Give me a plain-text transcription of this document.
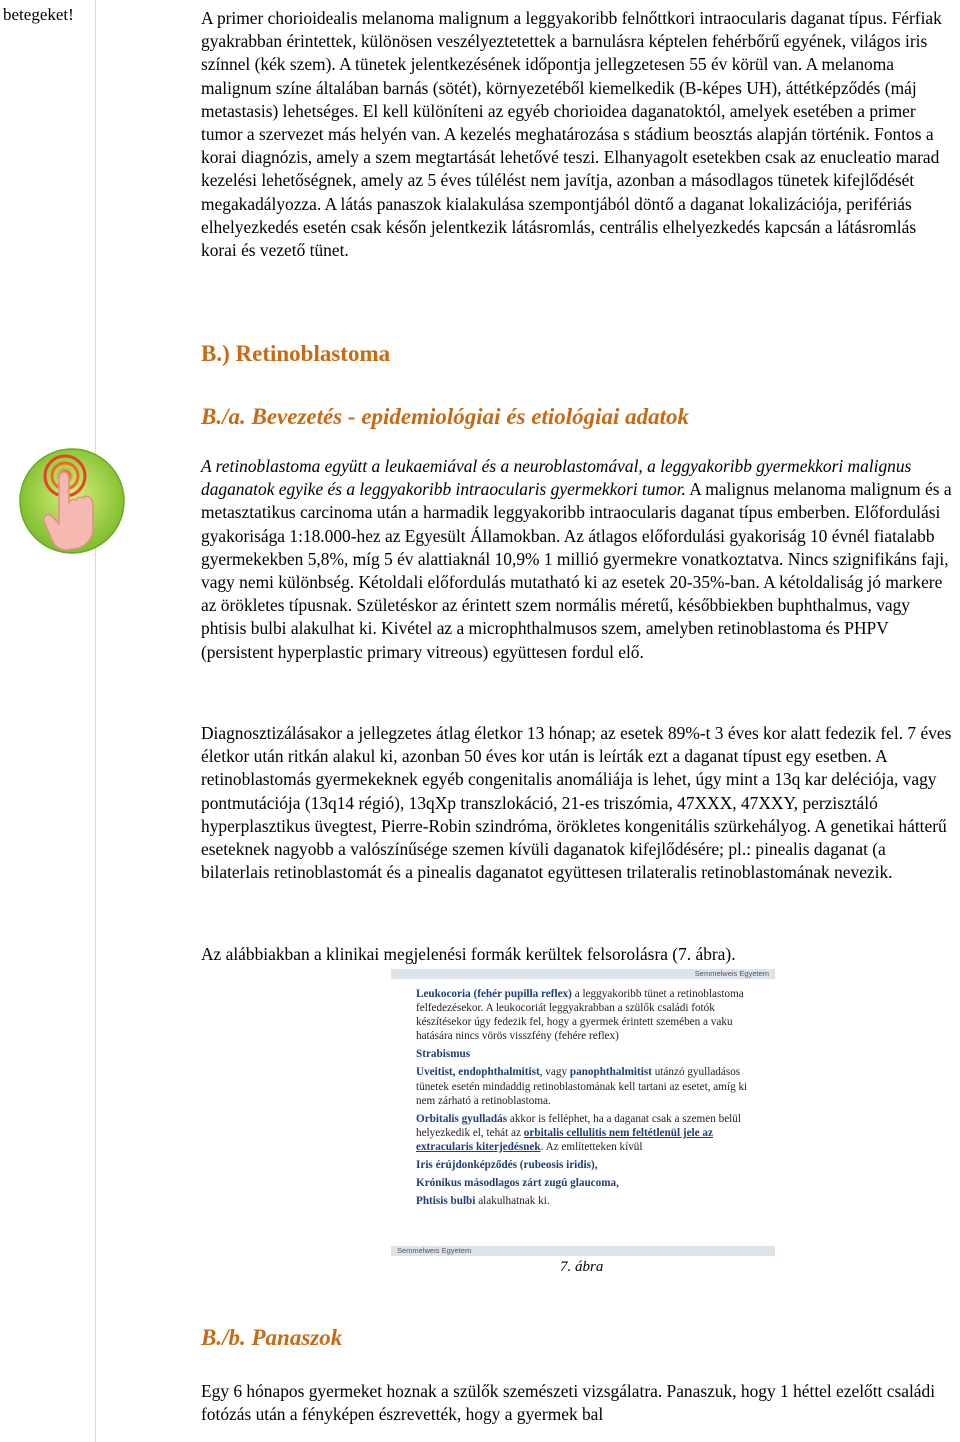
betegeket!	A primer chorioidealis melanoma malignum a leggyakoribb felnőttkori intraocularis daganat típus. Férfiak gyakrabban érintettek, különösen veszélyeztetettek a barnulásra képtelen fehérbőrű egyének, világos iris színnel (kék szem). A tünetek jelentkezésének időpontja jellegzetesen 55 év körül van. A melanoma malignum színe általában barnás (sötét), környezetéből kiemelkedik (B-képes UH), áttétképződés (máj metastasis) lehetséges. El kell különíteni az egyéb chorioidea daganatoktól, amelyek esetében a primer tumor a szervezet más helyén van. A kezelés meghatározása s stádium beosztás alapján történik. Fontos a korai diagnózis, amely a szem megtartását lehetővé teszi. Elhanyagolt esetekben csak az enucleatio marad kezelési lehetőségnek, amely az 5 éves túlélést nem javítja, azonban a másodlagos tünetek kifejlődését megakadályozza. A látás panaszok kialakulása szempontjából döntő a daganat lokalizációja, perifériás elhelyezkedés esetén csak későn jelentkezik látásromlás, centrális elhelyezkedés kapcsán a látásromlás korai és vezető tünet.

B.) Retinoblastoma
B./a. Bevezetés - epidemiológiai és etiológiai adatok

A retinoblastoma együtt a leukaemiával és a neuroblastomával, a leggyakoribb gyermekkori malignus daganatok egyike és a leggyakoribb intraocularis gyermekkori tumor. A malignus melanoma malignum és a metasztatikus carcinoma után a harmadik leggyakoribb intraocularis daganat típus emberben. Előfordulási gyakorisága 1:18.000-hez az Egyesült Államokban. Az átlagos előfordulási gyakoriság 10 évnél fiatalabb gyermekekben 5,8%, míg 5 év alattiaknál 10,9% 1 millió gyermekre vonatkoztatva. Nincs szignifikáns faji, vagy nemi különbség. Kétoldali előfordulás mutatható ki az esetek 20-35%-ban. A kétoldaliság jó markere az örökletes típusnak. Születéskor az érintett szem normális méretű, későbbiekben buphthalmus, vagy phtisis bulbi alakulhat ki. Kivétel az a microphthalmusos szem, amelyben retinoblastoma és PHPV (persistent hyperplastic primary vitreous) együttesen fordul elő.

Diagnosztizálásakor a jellegzetes átlag életkor 13 hónap; az esetek 89%-t 3 éves kor alatt fedezik fel. 7 éves életkor után ritkán alakul ki, azonban 50 éves kor után is leírták ezt a daganat típust egy esetben. A retinoblastomás gyermekeknek egyéb congenitalis anomáliája is lehet, úgy mint a 13q kar deléciója, vagy pontmutációja (13q14 régió), 13qXp transzlokáció, 21-es triszómia, 47XXX, 47XXY, perzisztáló hyperplasztikus üvegtest, Pierre-Robin szindróma, örökletes kongenitális szürkehályog. A genetikai hátterű eseteknek nagyobb a valószínűsége szemen kívüli daganatok kifejlődésére; pl.: pinealis daganat (a bilaterlais retinoblastomát és a pinealis daganatot együttesen trilateralis retinoblastomának nevezik.

Az alábbiakban a klinikai megjelenési formák kerültek felsorolásra (7. ábra).

Semmelweis Egyetem
Leukocoria (fehér pupilla reflex) a leggyakoribb tünet a retinoblastoma felfedezésekor. A leukocoriát leggyakrabban a szülők családi fotók készítésekor úgy fedezik fel, hogy a gyermek érintett szemében a vaku hatására nincs vörös visszfény (fehére reflex)
Strabismus
Uveitist, endophthalmitist, vagy panophthalmitist utánzó gyulladásos tünetek esetén mindaddig retinoblastomának kell tartani az esetet, amíg ki nem zárható a retinoblastoma.
Orbitalis gyulladás akkor is felléphet, ha a daganat csak a szemen belül helyezkedik el, tehát az orbitalis cellulitis nem feltétlenül jele az extracularis kiterjedésnek. Az említetteken kívül
Iris érújdonképződés (rubeosis iridis),
Krónikus másodlagos zárt zugú glaucoma,
Phtisis bulbi alakulhatnak ki.
Semmelweis Egyetem
7. ábra
B./b. Panaszok

Egy 6 hónapos gyermeket hoznak a szülők szemészeti vizsgálatra. Panaszuk, hogy 1 héttel ezelőtt családi fotózás után a fényképen észrevették, hogy a gyermek bal
